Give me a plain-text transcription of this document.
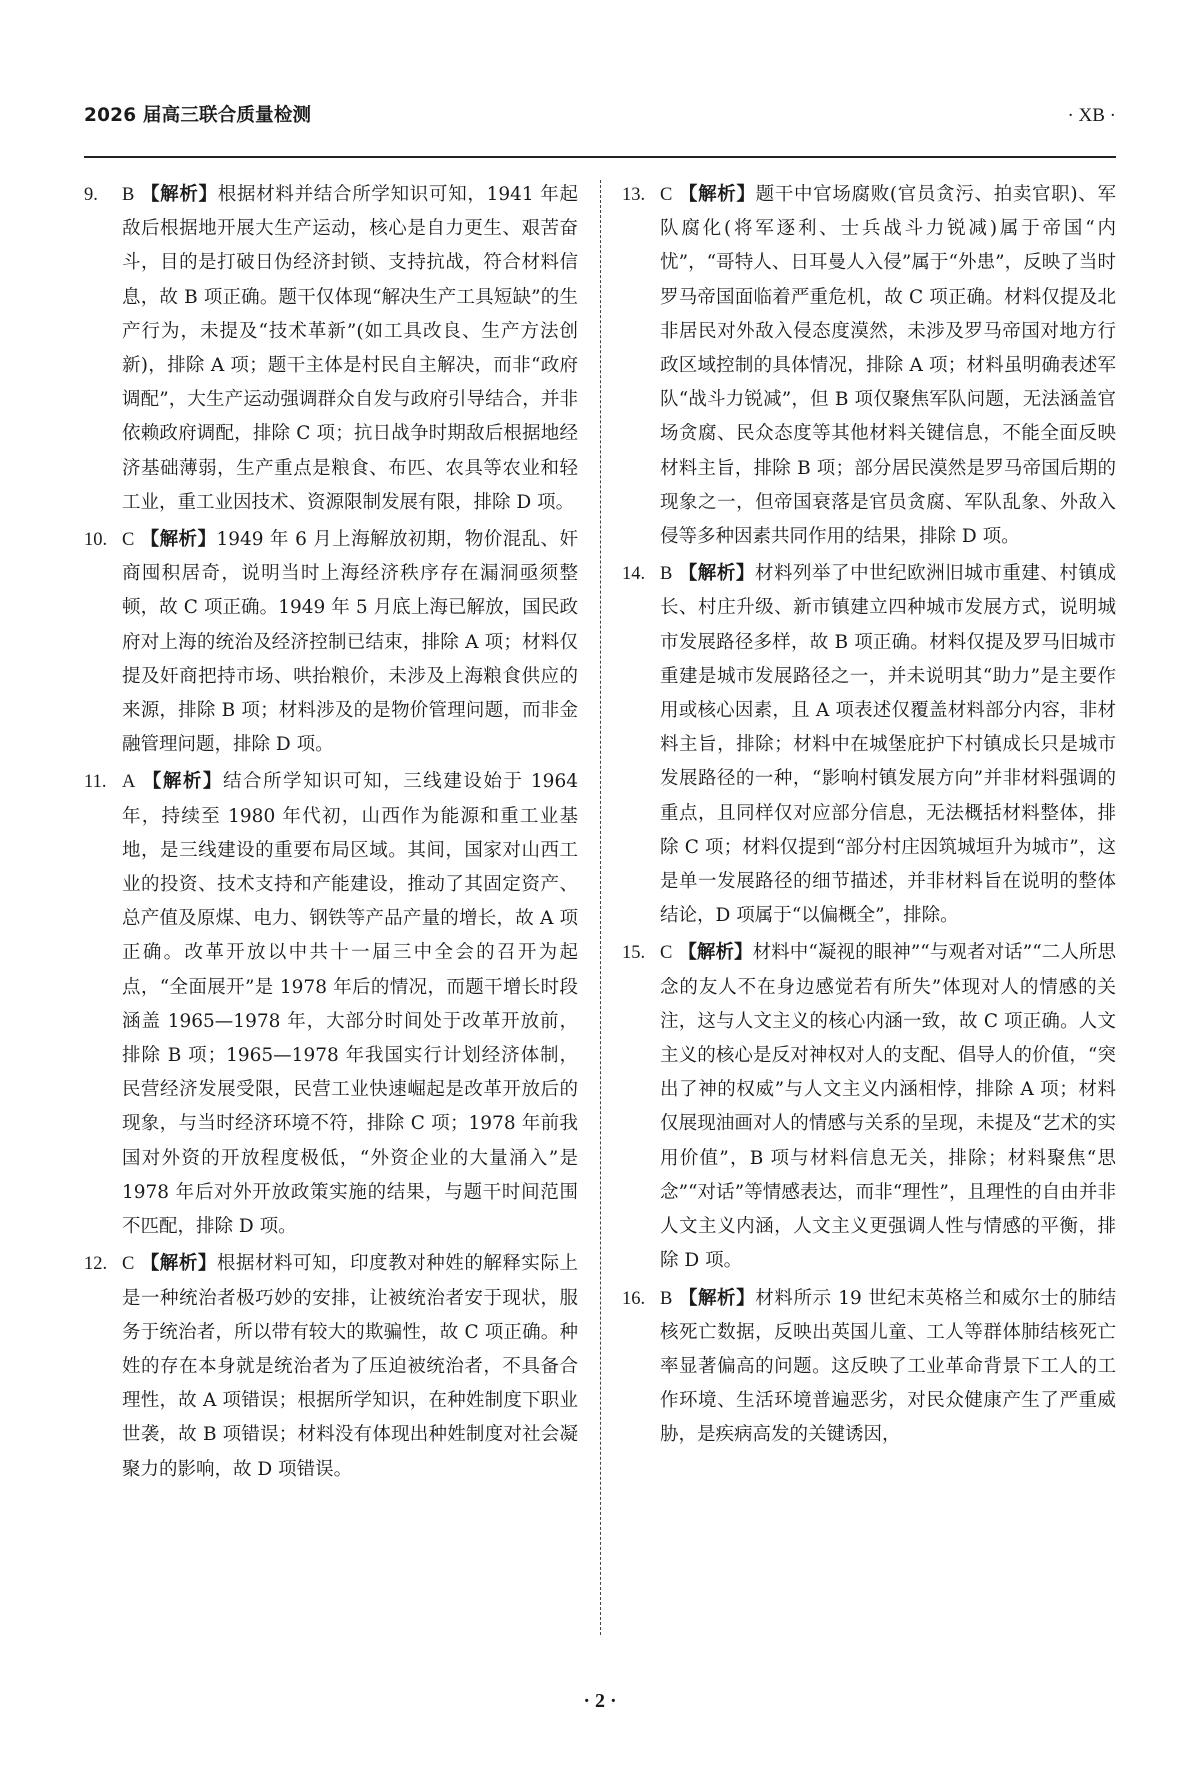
2026 届高三联合质量检测	· XB ·
9. B 【解析】根据材料并结合所学知识可知，1941 年起敌后根据地开展大生产运动，核心是自力更生、艰苦奋斗，目的是打破日伪经济封锁、支持抗战，符合材料信息，故 B 项正确。题干仅体现“解决生产工具短缺”的生产行为，未提及“技术革新”(如工具改良、生产方法创新)，排除 A 项；题干主体是村民自主解决，而非“政府调配”，大生产运动强调群众自发与政府引导结合，并非依赖政府调配，排除 C 项；抗日战争时期敌后根据地经济基础薄弱，生产重点是粮食、布匹、农具等农业和轻工业，重工业因技术、资源限制发展有限，排除 D 项。
10. C 【解析】1949 年 6 月上海解放初期，物价混乱、奸商囤积居奇，说明当时上海经济秩序存在漏洞亟须整顿，故 C 项正确。1949 年 5 月底上海已解放，国民政府对上海的统治及经济控制已结束，排除 A 项；材料仅提及奸商把持市场、哄抬粮价，未涉及上海粮食供应的来源，排除 B 项；材料涉及的是物价管理问题，而非金融管理问题，排除 D 项。
11. A 【解析】结合所学知识可知，三线建设始于 1964 年，持续至 1980 年代初，山西作为能源和重工业基地，是三线建设的重要布局区域。其间，国家对山西工业的投资、技术支持和产能建设，推动了其固定资产、总产值及原煤、电力、钢铁等产品产量的增长，故 A 项正确。改革开放以中共十一届三中全会的召开为起点，“全面展开”是 1978 年后的情况，而题干增长时段涵盖 1965—1978 年，大部分时间处于改革开放前，排除 B 项；1965—1978 年我国实行计划经济体制，民营经济发展受限，民营工业快速崛起是改革开放后的现象，与当时经济环境不符，排除 C 项；1978 年前我国对外资的开放程度极低，“外资企业的大量涌入”是 1978 年后对外开放政策实施的结果，与题干时间范围不匹配，排除 D 项。
12. C 【解析】根据材料可知，印度教对种姓的解释实际上是一种统治者极巧妙的安排，让被统治者安于现状，服务于统治者，所以带有较大的欺骗性，故 C 项正确。种姓的存在本身就是统治者为了压迫被统治者，不具备合理性，故 A 项错误；根据所学知识，在种姓制度下职业世袭，故 B 项错误；材料没有体现出种姓制度对社会凝聚力的影响，故 D 项错误。
13. C 【解析】题干中官场腐败(官员贪污、拍卖官职)、军队腐化(将军逐利、士兵战斗力锐减)属于帝国“内忧”，“哥特人、日耳曼人入侵”属于“外患”，反映了当时罗马帝国面临着严重危机，故 C 项正确。材料仅提及北非居民对外敌入侵态度漠然，未涉及罗马帝国对地方行政区域控制的具体情况，排除 A 项；材料虽明确表述军队“战斗力锐减”，但 B 项仅聚焦军队问题，无法涵盖官场贪腐、民众态度等其他材料关键信息，不能全面反映材料主旨，排除 B 项；部分居民漠然是罗马帝国后期的现象之一，但帝国衰落是官员贪腐、军队乱象、外敌入侵等多种因素共同作用的结果，排除 D 项。
14. B 【解析】材料列举了中世纪欧洲旧城市重建、村镇成长、村庄升级、新市镇建立四种城市发展方式，说明城市发展路径多样，故 B 项正确。材料仅提及罗马旧城市重建是城市发展路径之一，并未说明其“助力”是主要作用或核心因素，且 A 项表述仅覆盖材料部分内容，非材料主旨，排除；材料中在城堡庇护下村镇成长只是城市发展路径的一种，“影响村镇发展方向”并非材料强调的重点，且同样仅对应部分信息，无法概括材料整体，排除 C 项；材料仅提到“部分村庄因筑城垣升为城市”，这是单一发展路径的细节描述，并非材料旨在说明的整体结论，D 项属于“以偏概全”，排除。
15. C 【解析】材料中“凝视的眼神”“与观者对话”“二人所思念的友人不在身边感觉若有所失”体现对人的情感的关注，这与人文主义的核心内涵一致，故 C 项正确。人文主义的核心是反对神权对人的支配、倡导人的价值，“突出了神的权威”与人文主义内涵相悖，排除 A 项；材料仅展现油画对人的情感与关系的呈现，未提及“艺术的实用价值”，B 项与材料信息无关，排除；材料聚焦“思念”“对话”等情感表达，而非“理性”，且理性的自由并非人文主义内涵，人文主义更强调人性与情感的平衡，排除 D 项。
16. B 【解析】材料所示 19 世纪末英格兰和威尔士的肺结核死亡数据，反映出英国儿童、工人等群体肺结核死亡率显著偏高的问题。这反映了工业革命背景下工人的工作环境、生活环境普遍恶劣，对民众健康产生了严重威胁，是疾病高发的关键诱因，
· 2 ·
